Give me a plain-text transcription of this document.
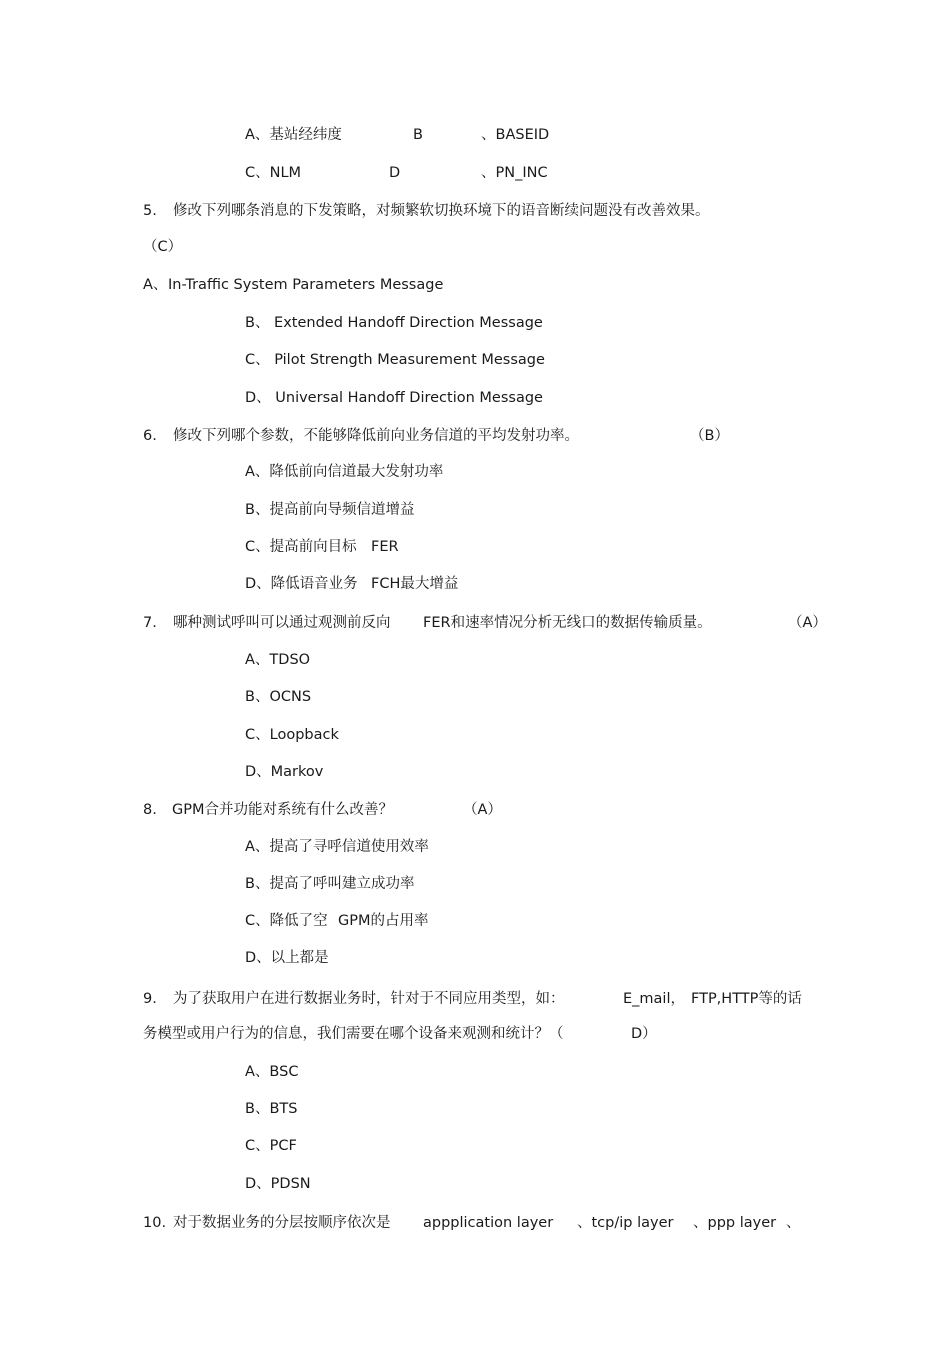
A、基站经纬度	B	、BASEID
C、NLM	D	、PN_INC
5. 修改下列哪条消息的下发策略，对频繁软切换环境下的语音断续问题没有改善效果。
（C）
A、 In-Traffic System Parameters Message
B、 Extended Handoff Direction Message
C、 Pilot Strength Measurement Message
D、 Universal Handoff Direction Message
6. 修改下列哪个参数，不能够降低前向业务信道的平均发射功率。	（B）
A、降低前向信道最大发射功率
B、提高前向导频信道增益
C、提高前向目标 FER
D、降低语音业务 FCH最大增益
7. 哪种测试呼叫可以通过观测前反向 FER和速率情况分析无线口的数据传输质量。	（A）
A、TDSO
B、OCNS
C、Loopback
D、Markov
8. GPM合并功能对系统有什么改善？	（A）
A、提高了寻呼信道使用效率
B、提高了呼叫建立成功率
C、降低了空 GPM的占用率
D、以上都是
9. 为了获取用户在进行数据业务时，针对于不同应用类型，如：	E_mail， FTP,HTTP等的话
务模型或用户行为的信息，我们需要在哪个设备来观测和统计？（	D）
A、BSC
B、BTS
C、PCF
D、PDSN
10. 对于数据业务的分层按顺序依次是 appplication layer 、tcp/ip layer 、ppp layer 、
